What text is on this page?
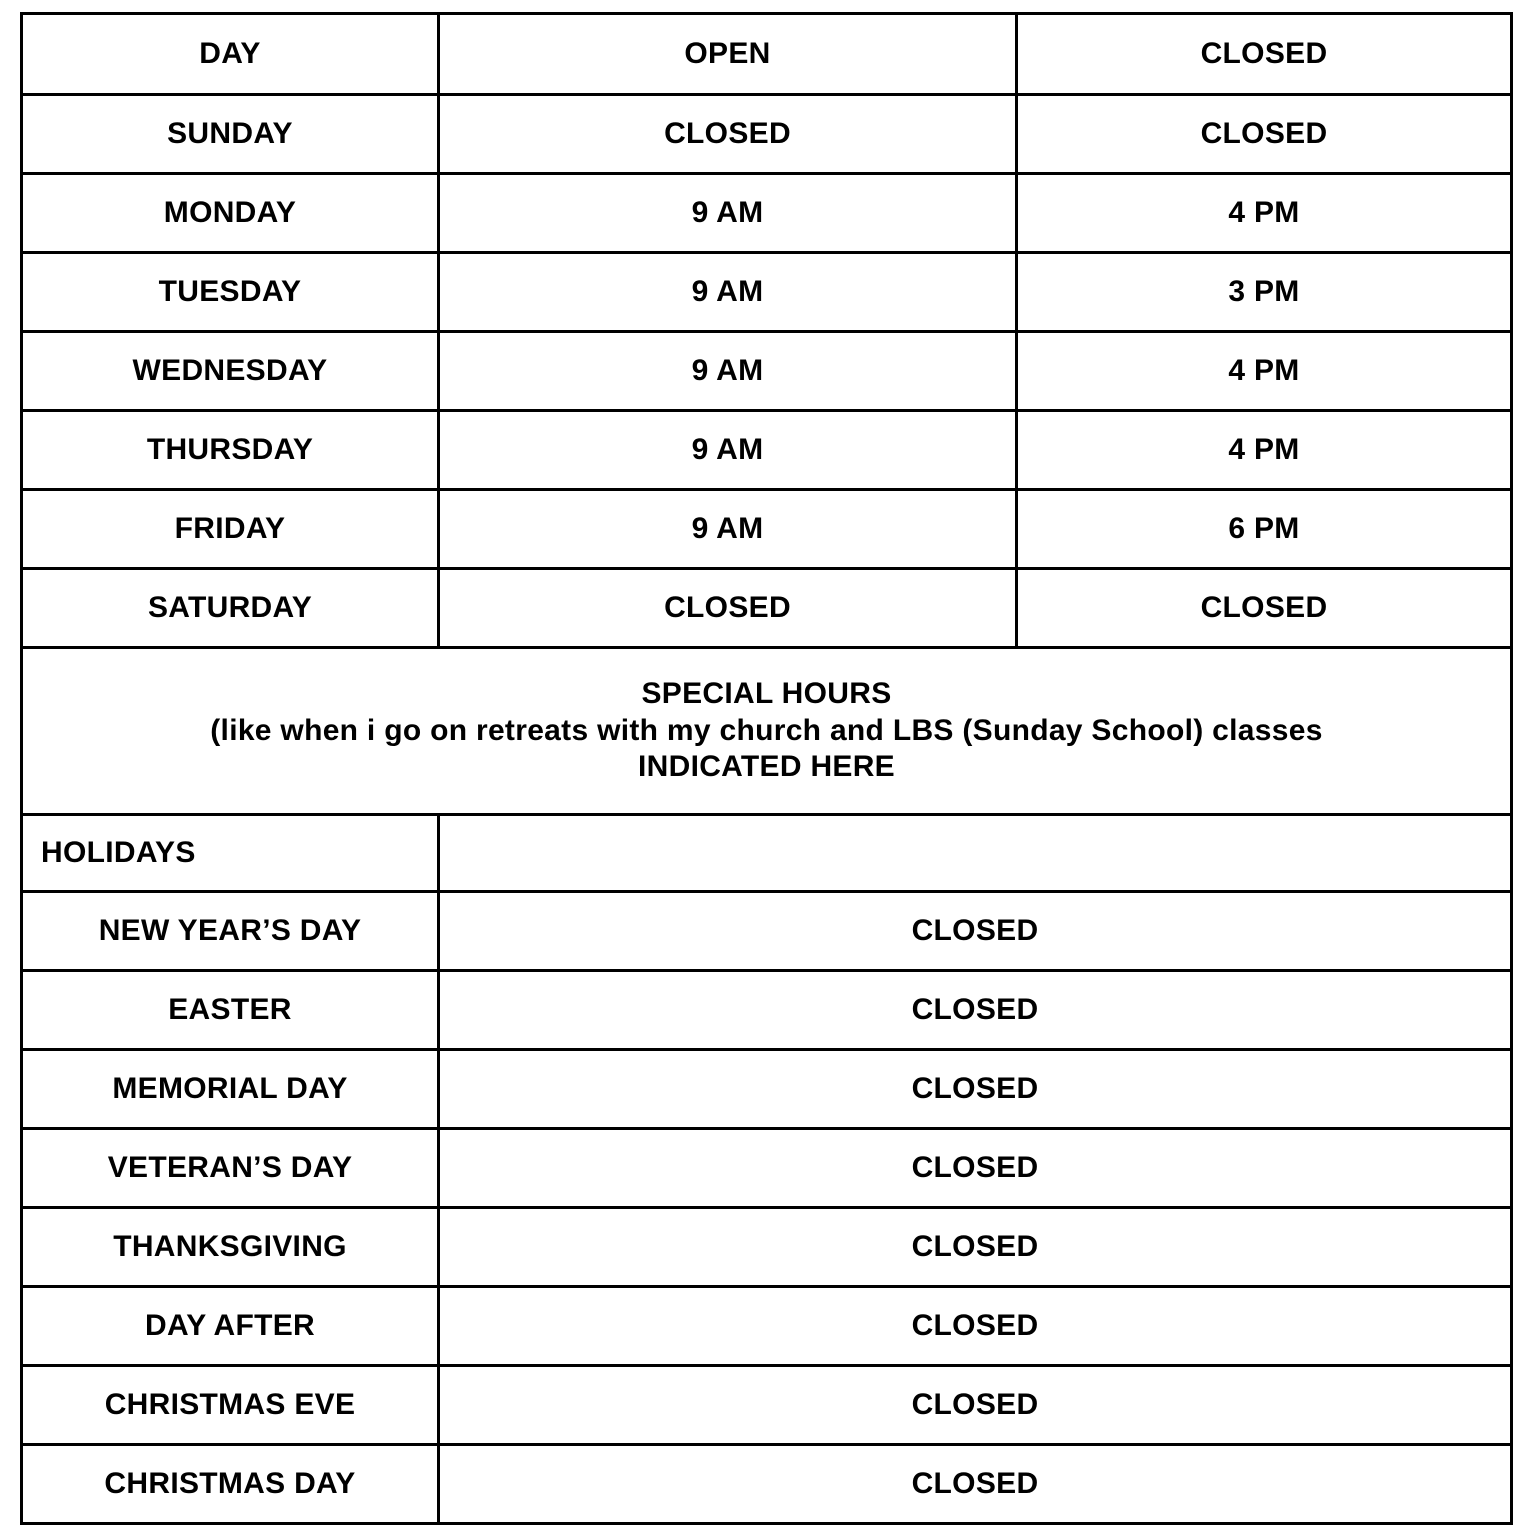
DAY	OPEN	CLOSED
SUNDAY	CLOSED	CLOSED
MONDAY	9 AM	4 PM
TUESDAY	9 AM	3 PM
WEDNESDAY	9 AM	4 PM
THURSDAY	9 AM	4 PM
FRIDAY	9 AM	6 PM
SATURDAY	CLOSED	CLOSED

SPECIAL HOURS
(like when i go on retreats with my church and LBS (Sunday School) classes
INDICATED HERE		

HOLIDAYS		
NEW YEAR’S DAY	CLOSED	
EASTER	CLOSED	
MEMORIAL DAY	CLOSED	
VETERAN’S DAY	CLOSED	
THANKSGIVING	CLOSED	
DAY AFTER	CLOSED	
CHRISTMAS EVE	CLOSED	
CHRISTMAS DAY	CLOSED	
